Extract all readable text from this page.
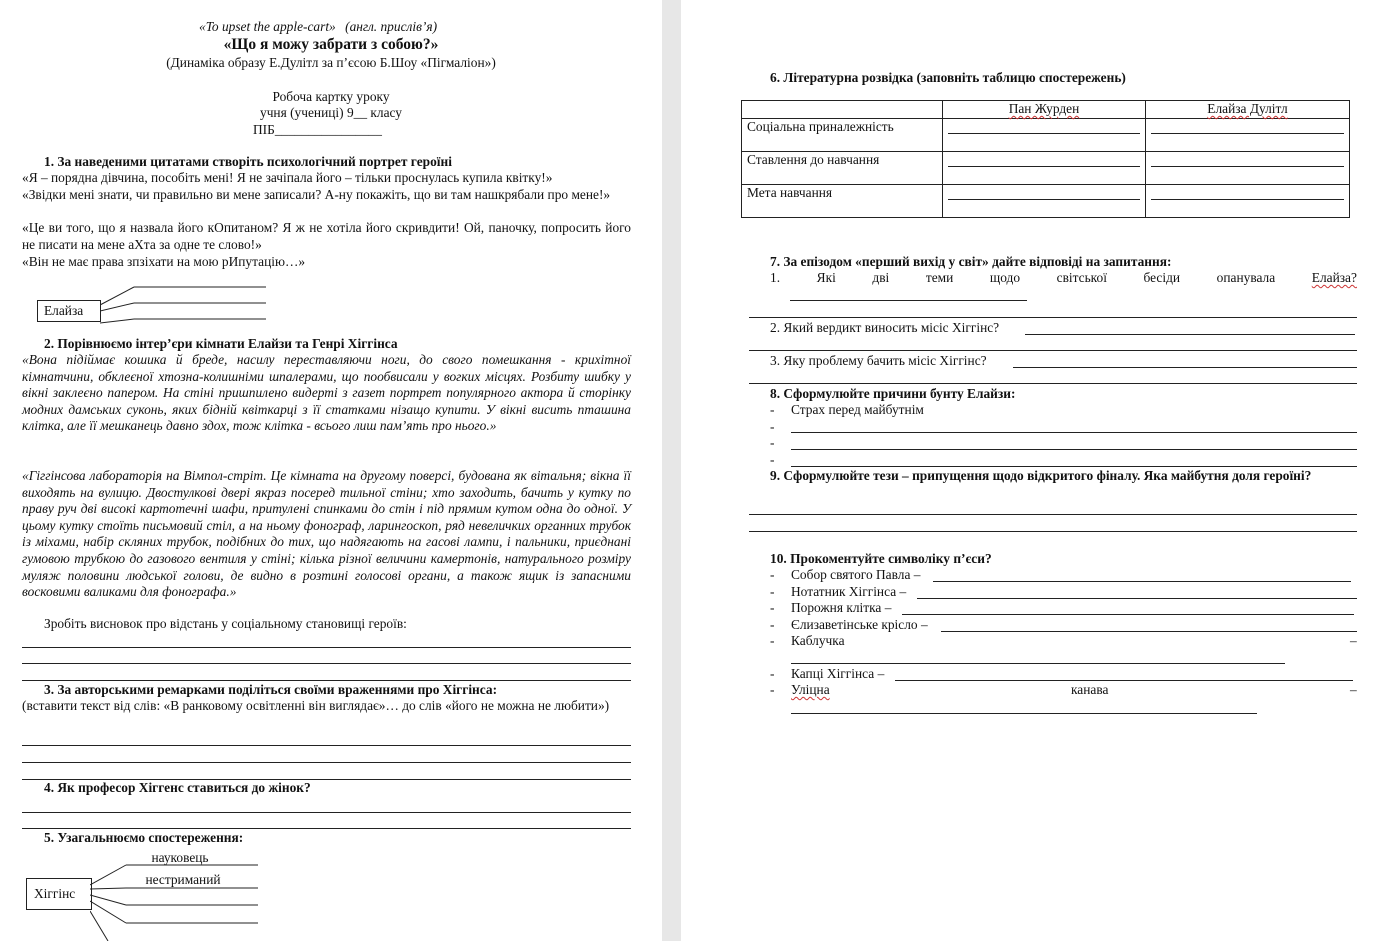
«To upset the apple-cart» (англ. прислів’я)
«Що я можу забрати з собою?»
(Динаміка образу Е.Дулітл за п’єсою Б.Шоу «Пігмаліон»)
Робоча картку уроку
учня (учениці) 9__ класу
ПІБ________________
1. За наведеними цитатами створіть психологічний портрет героїні
«Я – порядна дівчина, пособіть мені! Я не зачіпала його – тільки проснулась купила квітку!»
«Звідки мені знати, чи правильно ви мене записали? А-ну покажіть, що ви там нашкрябали про мене!»
«Це ви того, що я назвала його кОпитаном? Я ж не хотіла його скривдити! Ой, паночку, попросить його не писати на мене аХта за одне те слово!»
«Він не має права зпзіхати на мою рИпутацію…»
Елайза
2. Порівнюємо інтер’єри кімнати Елайзи та Генрі Хіггінса
«Вона підіймає кошика й бреде, насилу переставляючи ноги, до свого помешкання - крихітної кімнатчини, обклеєної хтозна-колишніми шпалерами, що пообвисали у вогких місцях. Розбиту шибку у вікні заклеєно папером. На стіні пришпилено видерті з газет портрет популярного актора й сторінку модних дамських суконь, яких бідній квіткарці з її статками нізащо купити. У вікні висить пташина клітка, але її мешканець давно здох, тож клітка - всього лиш пам’ять про нього.»
«Гіггінсова лабораторія на Вімпол-стріт. Це кімната на другому поверсі, будована як вітальня; вікна її виходять на вулицю. Двостулкові двері якраз посеред тильної стіни; хто заходить, бачить у кутку по праву руч дві високі картотечні шафи, притулені спинками до стін і під прямим кутом одна до одної. У цьому кутку стоїть письмовий стіл, а на ньому фонограф, ларингоскоп, ряд невеличких органних трубок із міхами, набір скляних трубок, подібних до тих, що надягають на гасові лампи, і пальники, приєднані гумовою трубкою до газового вентиля у стіні; кілька різної величини камертонів, натурального розміру муляж половини людської голови, де видно в розтині голосові органи, а також ящик із запасними восковими валиками для фонографа.»
Зробіть висновок про відстань у соціальному становищі героїв:
3. За авторськими ремарками поділіться своїми враженнями про Хіггінса:
(вставити текст від слів: «В ранковому освітленні він виглядає»… до слів «його не можна не любити»)
4. Як професор Хіггенс ставиться до жінок?
5. Узагальнюємо спостереження:
науковець
нестриманий
Хіггінс
6. Літературна розвідка (заповніть таблицю спостережень)
	Пан Журден	Елайза Дулітл
Соціальна приналежність	

Ставлення до навчання	

Мета навчання	

7. За епізодом «перший вихід у світ» дайте відповіді на запитання:
1.	Які	дві	теми	щодо	світської	бесіди	опанувала	Елайза?
2. Який вердикт виносить місіс Хіггінс?
3. Яку проблему бачить місіс Хіггінс?
8. Сформулюйте причини бунту Елайзи:
- Страх перед майбутнім
-
-
-
9. Сформулюйте тези – припущення щодо відкритого фіналу. Яка майбутня доля героїні?
10. Прокоментуйте символіку п’єси?
- Собор святого Павла –
- Нотатник Хіггінса –
- Порожня клітка –
- Єлизаветінське крісло –
- Каблучка	–
- Капці Хіггінса –
- Уліцна	канава	–
